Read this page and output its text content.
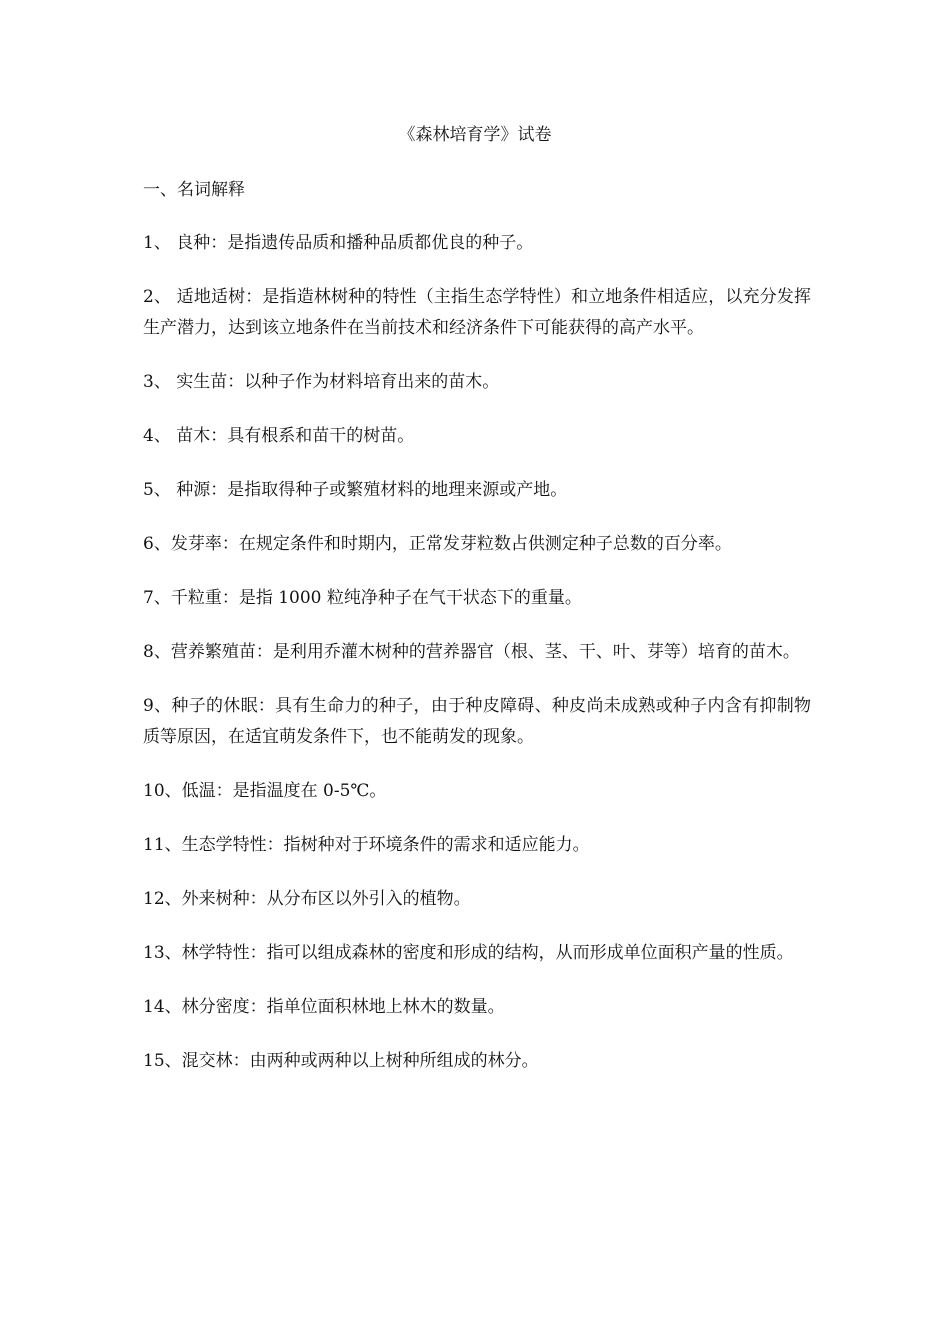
《森林培育学》试卷
一、名词解释

1、 良种：是指遗传品质和播种品质都优良的种子。

2、 适地适树：是指造林树种的特性（主指生态学特性）和立地条件相适应，以充分发挥生产潜力，达到该立地条件在当前技术和经济条件下可能获得的高产水平。

3、 实生苗：以种子作为材料培育出来的苗木。

4、 苗木：具有根系和苗干的树苗。

5、 种源：是指取得种子或繁殖材料的地理来源或产地。

6、发芽率：在规定条件和时期内，正常发芽粒数占供测定种子总数的百分率。

7、千粒重：是指 1000 粒纯净种子在气干状态下的重量。

8、营养繁殖苗：是利用乔灌木树种的营养器官（根、茎、干、叶、芽等）培育的苗木。

9、种子的休眠：具有生命力的种子，由于种皮障碍、种皮尚未成熟或种子内含有抑制物质等原因，在适宜萌发条件下，也不能萌发的现象。

10、低温：是指温度在 0-5℃。

11、生态学特性：指树种对于环境条件的需求和适应能力。

12、外来树种：从分布区以外引入的植物。

13、林学特性：指可以组成森林的密度和形成的结构，从而形成单位面积产量的性质。

14、林分密度：指单位面积林地上林木的数量。

15、混交林：由两种或两种以上树种所组成的林分。
